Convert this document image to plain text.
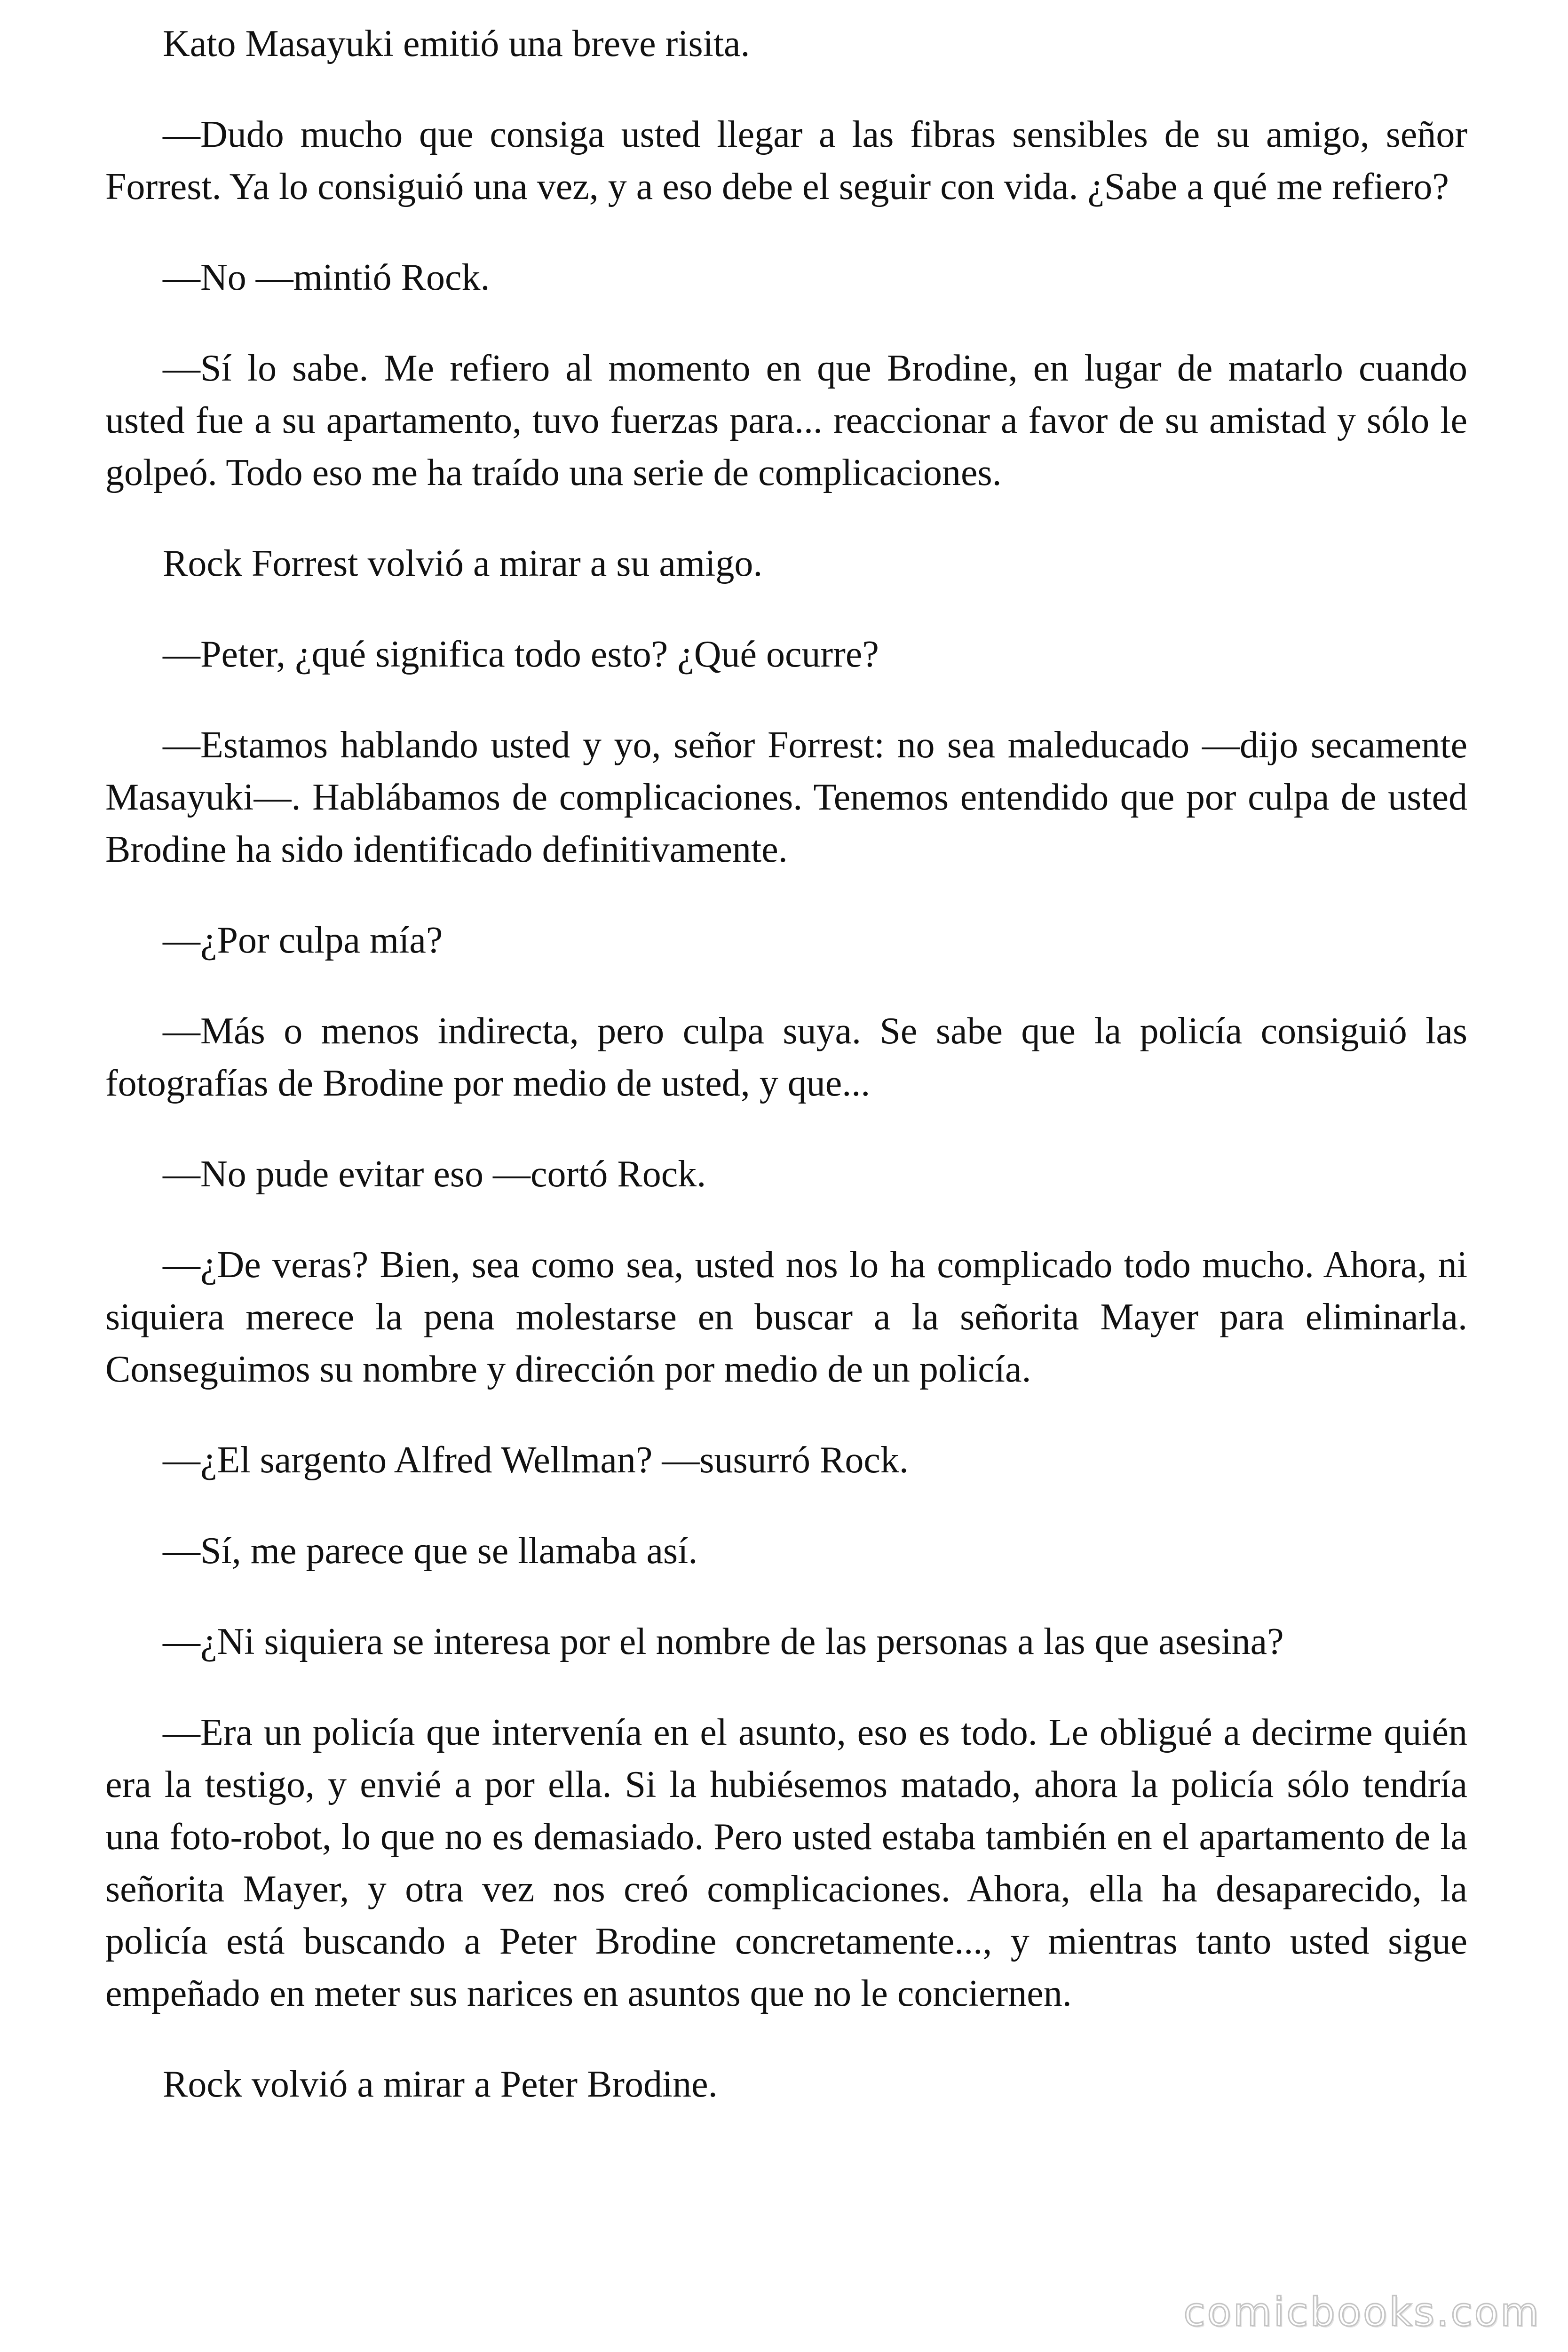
Kato Masayuki emitió una breve risita.

—Dudo mucho que consiga usted llegar a las fibras sensibles de su amigo, señor Forrest. Ya lo consiguió una vez, y a eso debe el seguir con vida. ¿Sabe a qué me refiero?

—No —mintió Rock.

—Sí lo sabe. Me refiero al momento en que Brodine, en lugar de matarlo cuando usted fue a su apartamento, tuvo fuerzas para... reaccionar a favor de su amistad y sólo le golpeó. Todo eso me ha traído una serie de complicaciones.

Rock Forrest volvió a mirar a su amigo.

—Peter, ¿qué significa todo esto? ¿Qué ocurre?

—Estamos hablando usted y yo, señor Forrest: no sea maleducado —dijo secamente Masayuki—. Hablábamos de complicaciones. Tenemos entendido que por culpa de usted Brodine ha sido identificado definitivamente.

—¿Por culpa mía?

—Más o menos indirecta, pero culpa suya. Se sabe que la policía consiguió las fotografías de Brodine por medio de usted, y que...

—No pude evitar eso —cortó Rock.

—¿De veras? Bien, sea como sea, usted nos lo ha complicado todo mucho. Ahora, ni siquiera merece la pena molestarse en buscar a la señorita Mayer para eliminarla. Conseguimos su nombre y dirección por medio de un policía.

—¿El sargento Alfred Wellman? —susurró Rock.

—Sí, me parece que se llamaba así.

—¿Ni siquiera se interesa por el nombre de las personas a las que asesina?

—Era un policía que intervenía en el asunto, eso es todo. Le obligué a decirme quién era la testigo, y envié a por ella. Si la hubiésemos matado, ahora la policía sólo tendría una foto-robot, lo que no es demasiado. Pero usted estaba también en el apartamento de la señorita Mayer, y otra vez nos creó complicaciones. Ahora, ella ha desaparecido, la policía está buscando a Peter Brodine concretamente..., y mientras tanto usted sigue empeñado en meter sus narices en asuntos que no le conciernen.

Rock volvió a mirar a Peter Brodine.

comicbooks.com
